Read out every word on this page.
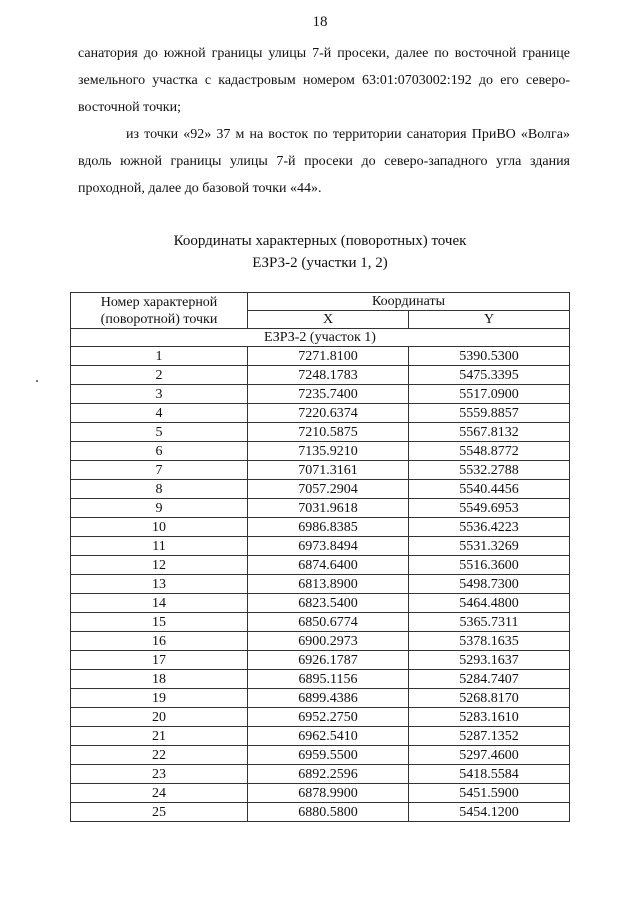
18
санатория до южной границы улицы 7-й просеки, далее по восточной границе земельного участка с кадастровым номером 63:01:0703002:192 до его северо-восточной точки;
из точки «92» 37 м на восток по территории санатория ПриВО «Волга» вдоль южной границы улицы 7-й просеки до северо-западного угла здания проходной, далее до базовой точки «44».
Координаты характерных (поворотных) точек
ЕЗРЗ-2 (участки 1, 2)
Номер характерной
(поворотной) точки	Координаты	
	X	Y
ЕЗРЗ-2 (участок 1)		
1	7271.8100	5390.5300
2	7248.1783	5475.3395
3	7235.7400	5517.0900
4	7220.6374	5559.8857
5	7210.5875	5567.8132
6	7135.9210	5548.8772
7	7071.3161	5532.2788
8	7057.2904	5540.4456
9	7031.9618	5549.6953
10	6986.8385	5536.4223
11	6973.8494	5531.3269
12	6874.6400	5516.3600
13	6813.8900	5498.7300
14	6823.5400	5464.4800
15	6850.6774	5365.7311
16	6900.2973	5378.1635
17	6926.1787	5293.1637
18	6895.1156	5284.7407
19	6899.4386	5268.8170
20	6952.2750	5283.1610
21	6962.5410	5287.1352
22	6959.5500	5297.4600
23	6892.2596	5418.5584
24	6878.9900	5451.5900
25	6880.5800	5454.1200
